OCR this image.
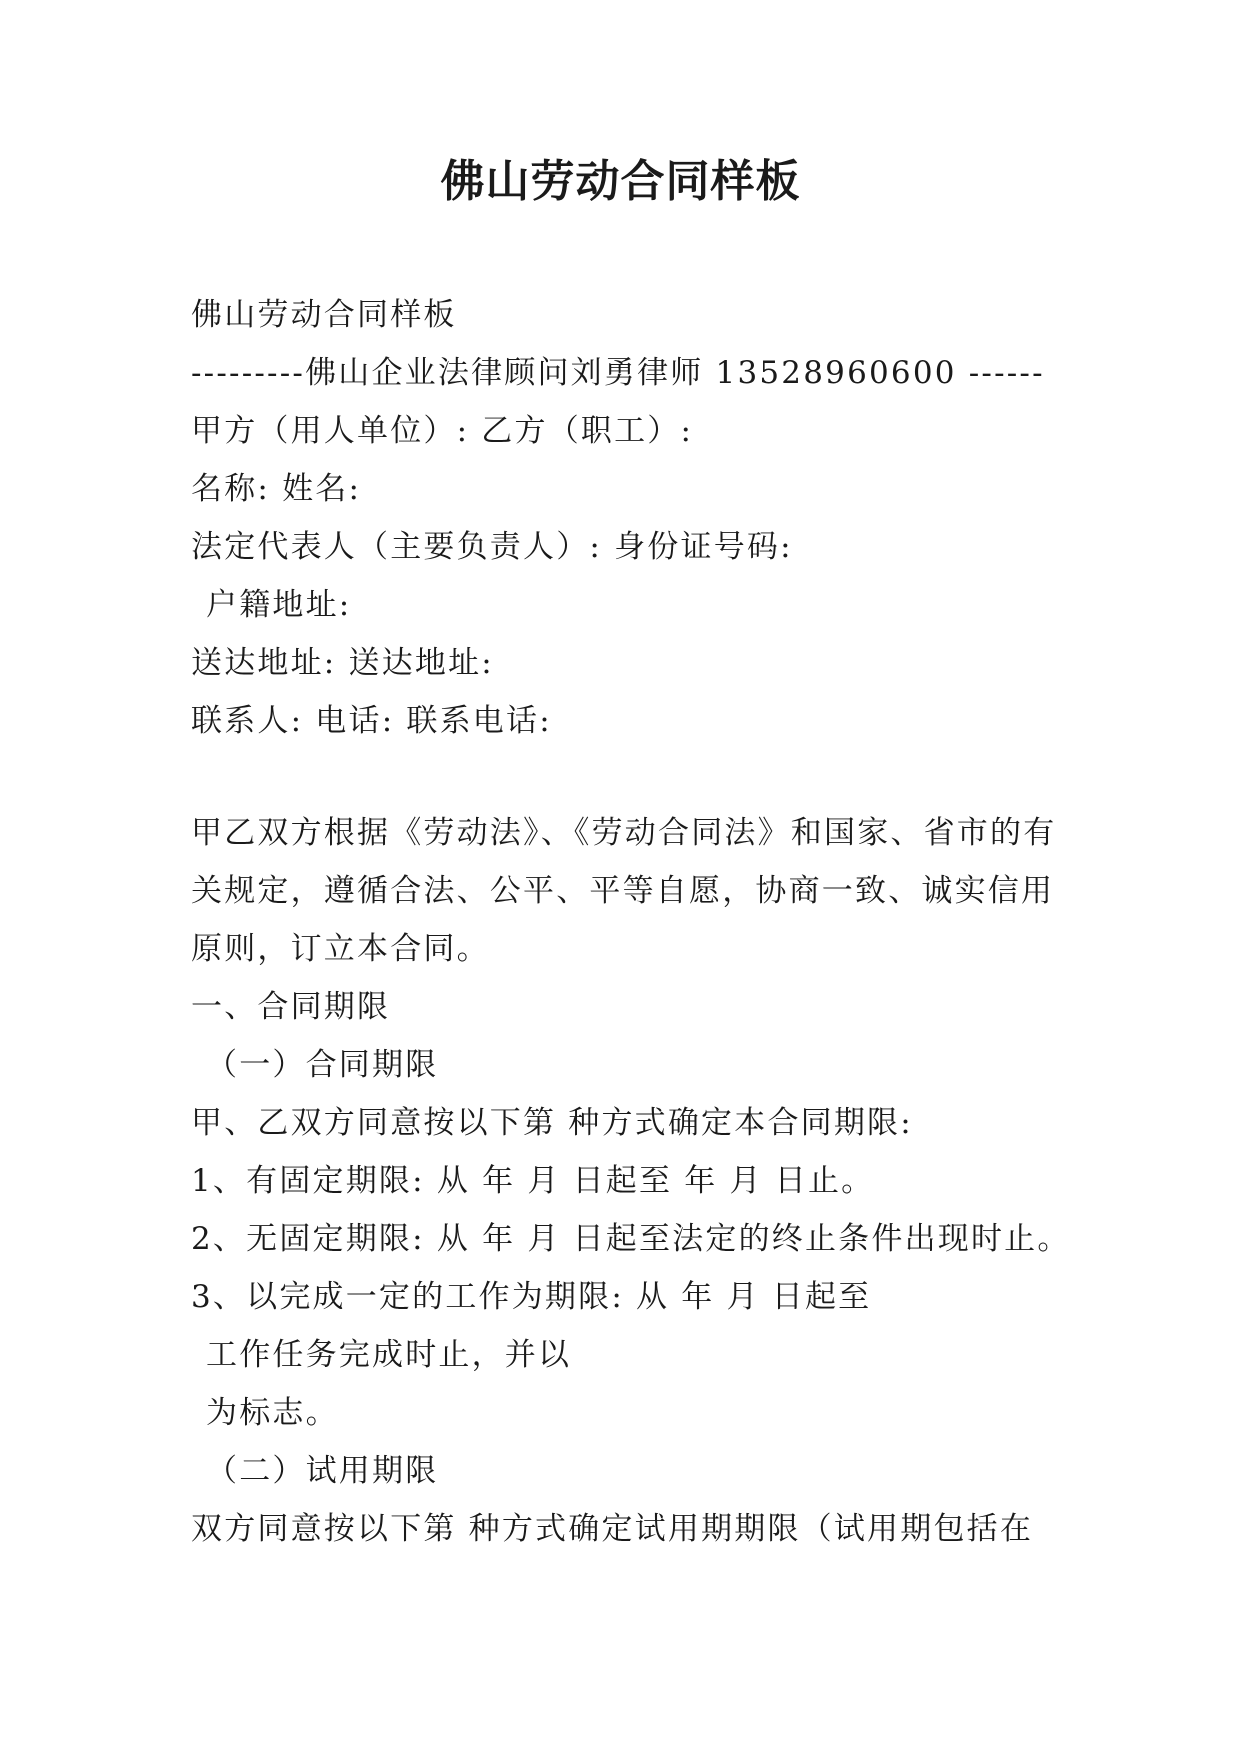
佛山劳动合同样板
佛山劳动合同样板
---------佛山企业法律顾问刘勇律师 13528960600 ------
甲方（用人单位）: 乙方（职工）:
名称: 姓名:
法定代表人（主要负责人）: 身份证号码:
户籍地址:
送达地址: 送达地址:
联系人: 电话: 联系电话:
甲乙双方根据《劳动法》、《劳动合同法》和国家、省市的有
关规定，遵循合法、公平、平等自愿，协商一致、诚实信用
原则，订立本合同。
一、合同期限
（一）合同期限
甲、乙双方同意按以下第 种方式确定本合同期限:
1、有固定期限: 从 年 月 日起至 年 月 日止。
2、无固定期限: 从 年 月 日起至法定的终止条件出现时止。
3、以完成一定的工作为期限: 从 年 月 日起至
工作任务完成时止，并以
为标志。
（二）试用期限
双方同意按以下第 种方式确定试用期期限（试用期包括在
